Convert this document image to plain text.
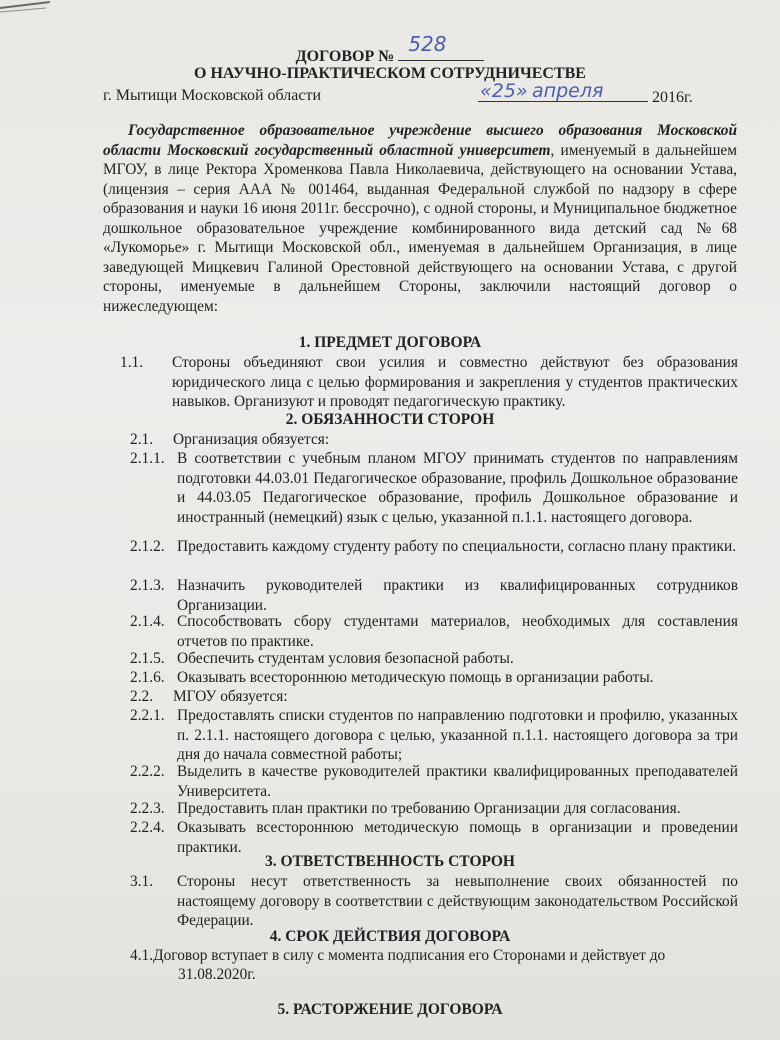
ДОГОВОР №
528
О НАУЧНО-ПРАКТИЧЕСКОМ СОТРУДНИЧЕСТВЕ
г. Мытищи Московской области	2016г.
«25» апреля
Государственное образовательное учреждение высшего образования Московской области Московский государственный областной университет, именуемый в дальнейшем МГОУ, в лице Ректора Хроменкова Павла Николаевича, действующего на основании Устава, (лицензия – серия ААА № 001464, выданная Федеральной службой по надзору в сфере образования и науки 16 июня 2011г. бессрочно), с одной стороны, и Муниципальное бюджетное дошкольное образовательное учреждение комбинированного вида детский сад №68 «Лукоморье» г. Мытищи Московской обл., именуемая в дальнейшем Организация, в лице заведующей Мицкевич Галиной Орестовной действующего на основании Устава, с другой стороны, именуемые в дальнейшем Стороны, заключили настоящий договор о нижеследующем:
1. ПРЕДМЕТ ДОГОВОРА
1.1. Стороны объединяют свои усилия и совместно действуют без образования юридического лица с целью формирования и закрепления у студентов практических навыков. Организуют и проводят педагогическую практику.
2. ОБЯЗАННОСТИ СТОРОН
2.1. Организация обязуется:
2.1.1. В соответствии с учебным планом МГОУ принимать студентов по направлениям подготовки 44.03.01 Педагогическое образование, профиль Дошкольное образование и 44.03.05 Педагогическое образование, профиль Дошкольное образование и иностранный (немецкий) язык с целью, указанной п.1.1. настоящего договора.
2.1.2. Предоставить каждому студенту работу по специальности, согласно плану практики.
2.1.3. Назначить руководителей практики из квалифицированных сотрудников Организации.
2.1.4. Способствовать сбору студентами материалов, необходимых для составления отчетов по практике.
2.1.5. Обеспечить студентам условия безопасной работы.
2.1.6. Оказывать всестороннюю методическую помощь в организации работы.
2.2. МГОУ обязуется:
2.2.1. Предоставлять списки студентов по направлению подготовки и профилю, указанных п. 2.1.1. настоящего договора с целью, указанной п.1.1. настоящего договора за три дня до начала совместной работы;
2.2.2. Выделить в качестве руководителей практики квалифицированных преподавателей Университета.
2.2.3. Предоставить план практики по требованию Организации для согласования.
2.2.4. Оказывать всестороннюю методическую помощь в организации и проведении практики.
3. ОТВЕТСТВЕННОСТЬ СТОРОН
3.1. Стороны несут ответственность за невыполнение своих обязанностей по настоящему договору в соответствии с действующим законодательством Российской Федерации.
4. СРОК ДЕЙСТВИЯ ДОГОВОРА
4.1.Договор вступает в силу с момента подписания его Сторонами и действует до
31.08.2020г.
5. РАСТОРЖЕНИЕ ДОГОВОРА
